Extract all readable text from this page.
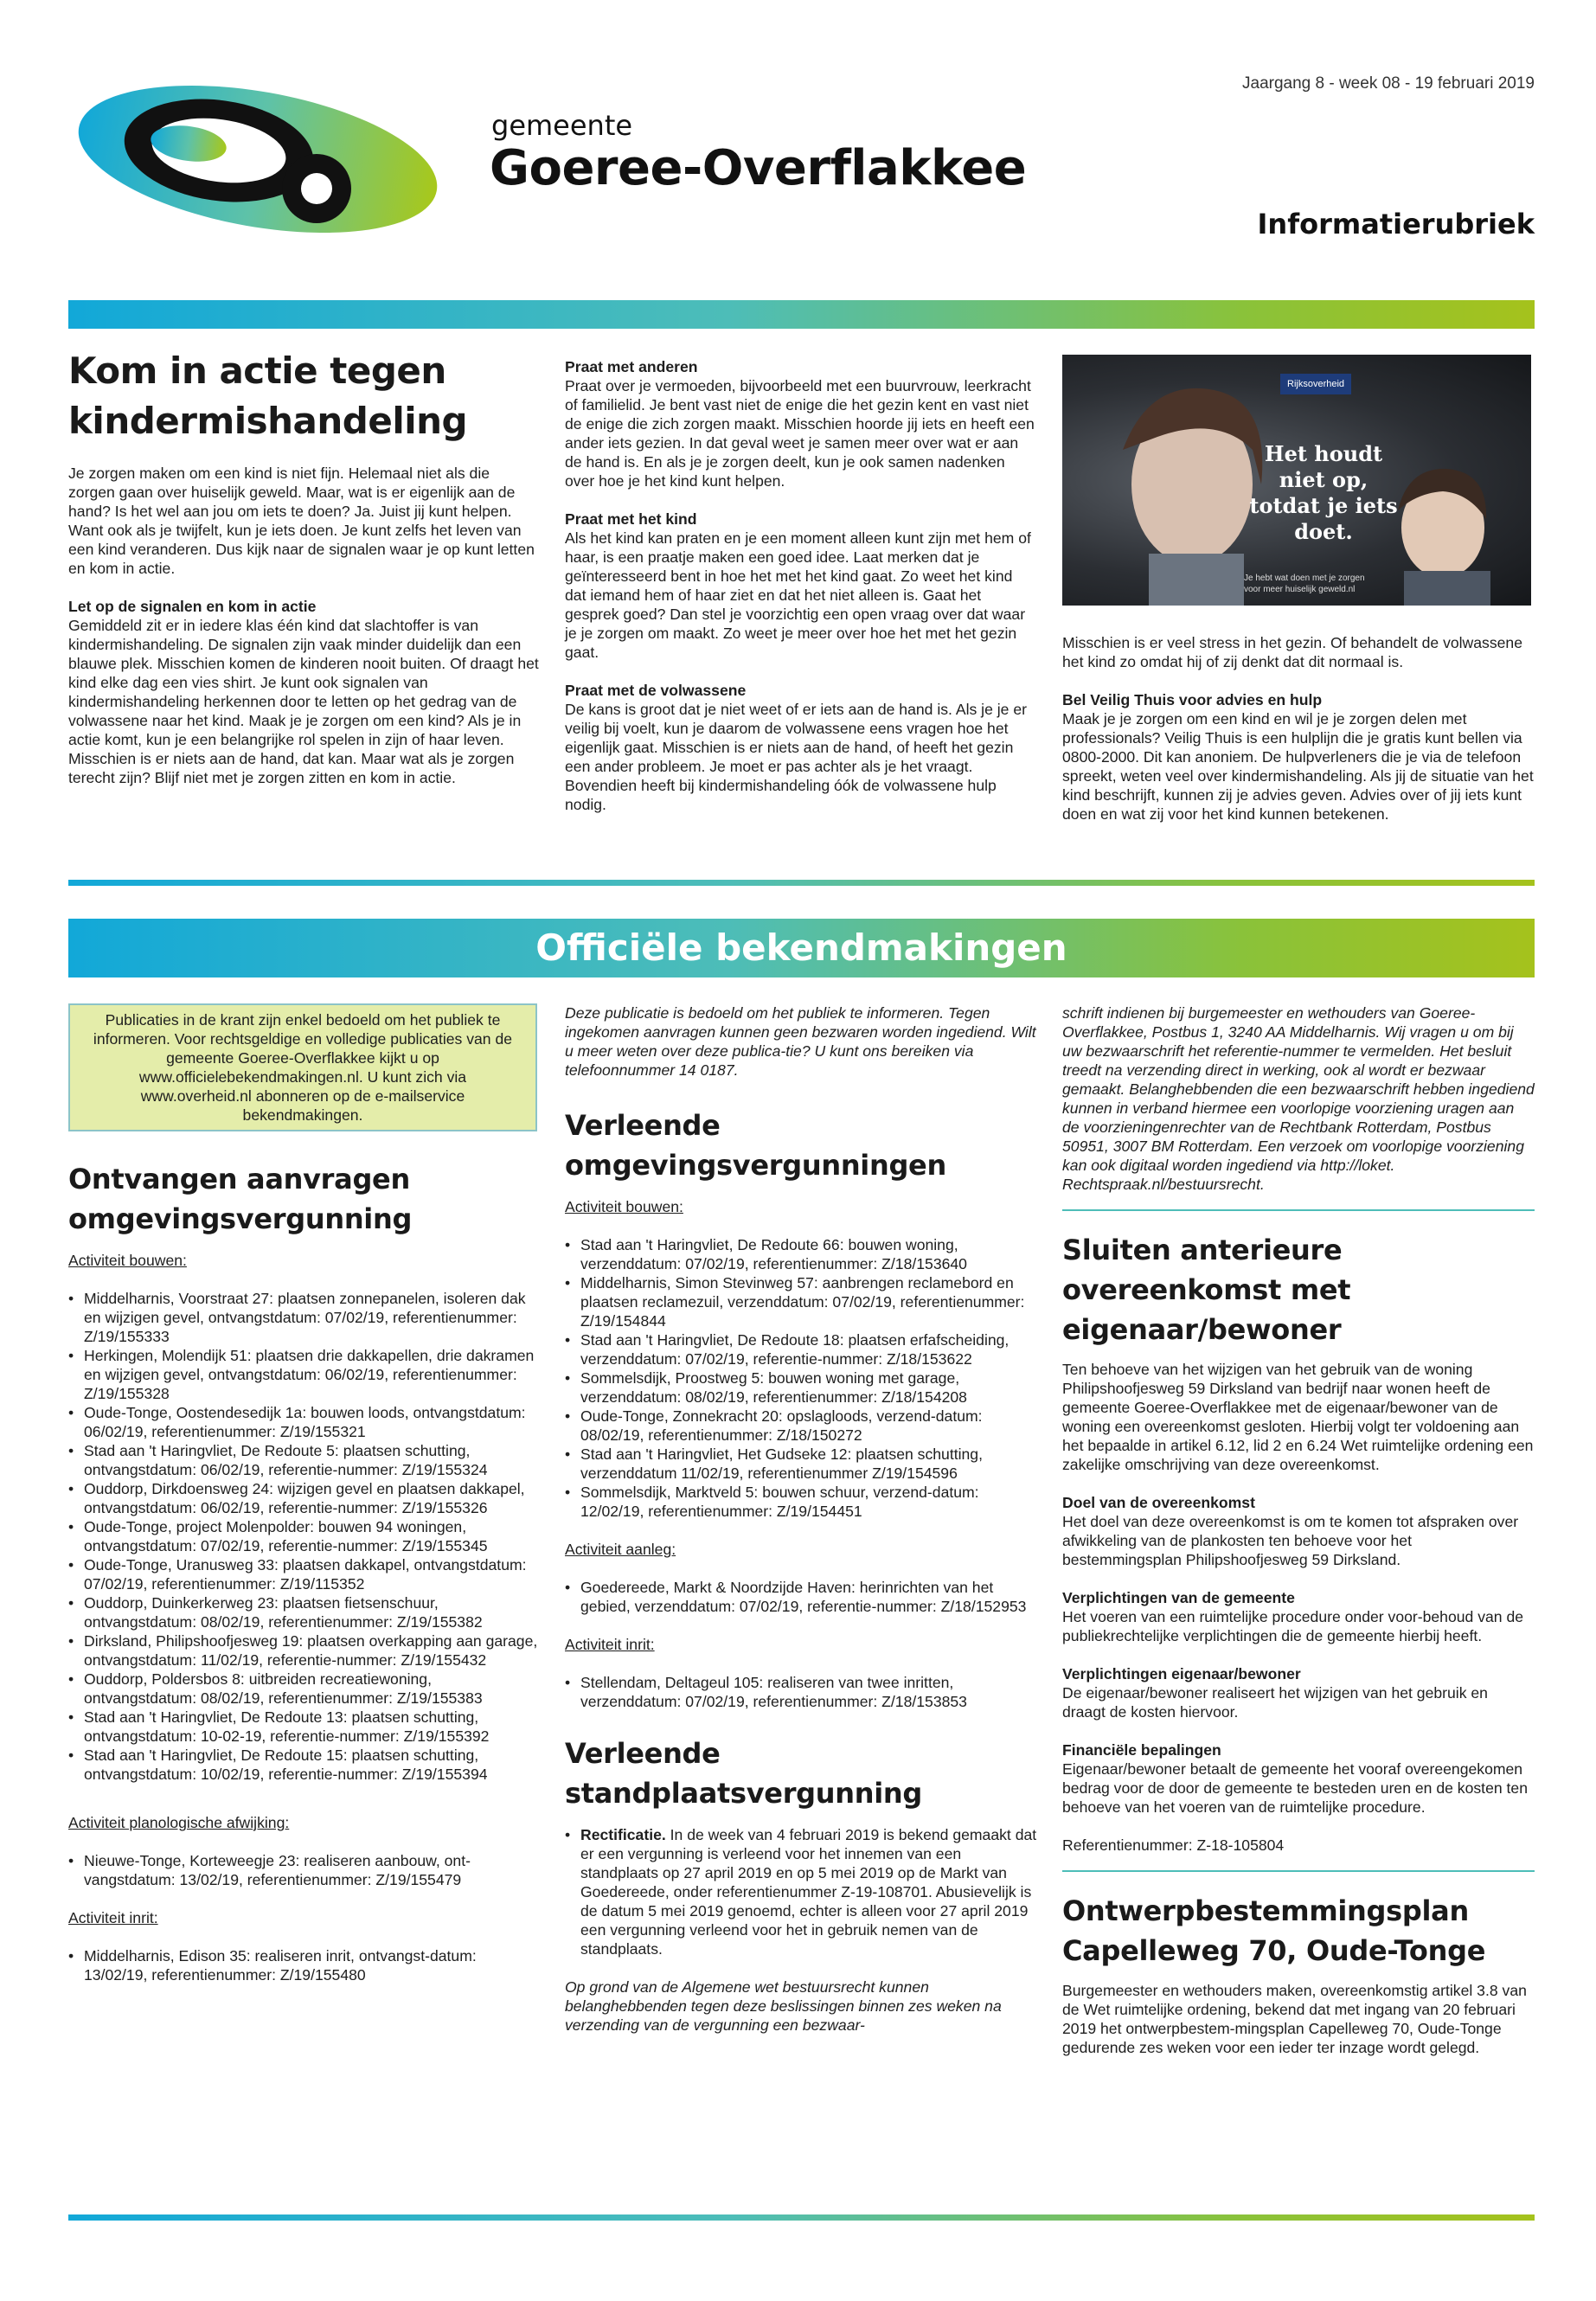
Jaargang 8 - week 08 - 19 februari 2019
gemeente
Goeree-Overflakkee
Informatierubriek
Kom in actie tegen kindermishandeling

Je zorgen maken om een kind is niet fijn. Helemaal niet als die zorgen gaan over huiselijk geweld. Maar, wat is er eigenlijk aan de hand? Is het wel aan jou om iets te doen? Ja. Juist jij kunt helpen. Want ook als je twijfelt, kun je iets doen. Je kunt zelfs het leven van een kind veranderen. Dus kijk naar de signalen waar je op kunt letten en kom in actie.

Let op de signalen en kom in actie

Gemiddeld zit er in iedere klas één kind dat slachtoffer is van kindermishandeling. De signalen zijn vaak minder duidelijk dan een blauwe plek. Misschien komen de kinderen nooit buiten. Of draagt het kind elke dag een vies shirt. Je kunt ook signalen van kindermishandeling herkennen door te letten op het gedrag van de volwassene naar het kind. Maak je je zorgen om een kind? Als je in actie komt, kun je een belangrijke rol spelen in zijn of haar leven. Misschien is er niets aan de hand, dat kan. Maar wat als je zorgen terecht zijn? Blijf niet met je zorgen zitten en kom in actie.

Praat met anderen

Praat over je vermoeden, bijvoorbeeld met een buurvrouw, leerkracht of familielid. Je bent vast niet de enige die het gezin kent en vast niet de enige die zich zorgen maakt. Misschien hoorde jij iets en heeft een ander iets gezien. In dat geval weet je samen meer over wat er aan de hand is. En als je je zorgen deelt, kun je ook samen nadenken over hoe je het kind kunt helpen.

Praat met het kind

Als het kind kan praten en je een moment alleen kunt zijn met hem of haar, is een praatje maken een goed idee. Laat merken dat je geïnteresseerd bent in hoe het met het kind gaat. Zo weet het kind dat iemand hem of haar ziet en dat het niet alleen is. Gaat het gesprek goed? Dan stel je voorzichtig een open vraag over dat waar je je zorgen om maakt. Zo weet je meer over hoe het met het gezin gaat.

Praat met de volwassene

De kans is groot dat je niet weet of er iets aan de hand is. Als je je er veilig bij voelt, kun je daarom de volwassene eens vragen hoe het eigenlijk gaat. Misschien is er niets aan de hand, of heeft het gezin een ander probleem. Je moet er pas achter als je het vraagt. Bovendien heeft bij kindermishandeling óók de volwassene hulp nodig.

Rijksoverheid
Het houdt niet op, totdat je iets doet.
Je hebt wat doen met je zorgen
voor meer huiselijk geweld.nl

Misschien is er veel stress in het gezin. Of behandelt de volwassene het kind zo omdat hij of zij denkt dat dit normaal is.

Bel Veilig Thuis voor advies en hulp

Maak je je zorgen om een kind en wil je je zorgen delen met professionals? Veilig Thuis is een hulplijn die je gratis kunt bellen via 0800-2000. Dit kan anoniem. De hulpverleners die je via de telefoon spreekt, weten veel over kindermishandeling. Als jij de situatie van het kind beschrijft, kunnen zij je advies geven. Advies over of jij iets kunt doen en wat zij voor het kind kunnen betekenen.

Officiële bekendmakingen

Publicaties in de krant zijn enkel bedoeld om het publiek te informeren. Voor rechtsgeldige en volledige publicaties van de gemeente Goeree-Overflakkee kijkt u op www.officielebekendmakingen.nl. U kunt zich via www.overheid.nl abonneren op de e-mailservice bekendmakingen.

Ontvangen aanvragen omgevingsvergunning
Activiteit bouwen:
• Middelharnis, Voorstraat 27: plaatsen zonnepanelen, isoleren dak en wijzigen gevel, ontvangstdatum: 07/02/19, referentienummer: Z/19/155333
• Herkingen, Molendijk 51: plaatsen drie dakkapellen, drie dakramen en wijzigen gevel, ontvangstdatum: 06/02/19, referentienummer: Z/19/155328
• Oude-Tonge, Oostendesedijk 1a: bouwen loods, ontvangstdatum: 06/02/19, referentienummer: Z/19/155321
• Stad aan 't Haringvliet, De Redoute 5: plaatsen schutting, ontvangstdatum: 06/02/19, referentie-nummer: Z/19/155324
• Ouddorp, Dirkdoensweg 24: wijzigen gevel en plaatsen dakkapel, ontvangstdatum: 06/02/19, referentie-nummer: Z/19/155326
• Oude-Tonge, project Molenpolder: bouwen 94 woningen, ontvangstdatum: 07/02/19, referentie-nummer: Z/19/155345
• Oude-Tonge, Uranusweg 33: plaatsen dakkapel, ontvangstdatum: 07/02/19, referentienummer: Z/19/115352
• Ouddorp, Duinkerkerweg 23: plaatsen fietsenschuur, ontvangstdatum: 08/02/19, referentienummer: Z/19/155382
• Dirksland, Philipshoofjesweg 19: plaatsen overkapping aan garage, ontvangstdatum: 11/02/19, referentie-nummer: Z/19/155432
• Ouddorp, Poldersbos 8: uitbreiden recreatiewoning, ontvangstdatum: 08/02/19, referentienummer: Z/19/155383
• Stad aan 't Haringvliet, De Redoute 13: plaatsen schutting, ontvangstdatum: 10-02-19, referentie-nummer: Z/19/155392
• Stad aan 't Haringvliet, De Redoute 15: plaatsen schutting, ontvangstdatum: 10/02/19, referentie-nummer: Z/19/155394
Activiteit planologische afwijking:
• Nieuwe-Tonge, Korteweegje 23: realiseren aanbouw, ont-vangstdatum: 13/02/19, referentienummer: Z/19/155479
Activiteit inrit:
• Middelharnis, Edison 35: realiseren inrit, ontvangst-datum: 13/02/19, referentienummer: Z/19/155480

Deze publicatie is bedoeld om het publiek te informeren. Tegen ingekomen aanvragen kunnen geen bezwaren worden ingediend. Wilt u meer weten over deze publica-tie? U kunt ons bereiken via telefoonnummer 14 0187.

Verleende omgevingsvergunningen
Activiteit bouwen:
• Stad aan 't Haringvliet, De Redoute 66: bouwen woning, verzenddatum: 07/02/19, referentienummer: Z/18/153640
• Middelharnis, Simon Stevinweg 57: aanbrengen reclamebord en plaatsen reclamezuil, verzenddatum: 07/02/19, referentienummer: Z/19/154844
• Stad aan 't Haringvliet, De Redoute 18: plaatsen erfafscheiding, verzenddatum: 07/02/19, referentie-nummer: Z/18/153622
• Sommelsdijk, Proostweg 5: bouwen woning met garage, verzenddatum: 08/02/19, referentienummer: Z/18/154208
• Oude-Tonge, Zonnekracht 20: opslagloods, verzend-datum: 08/02/19, referentienummer: Z/18/150272
• Stad aan 't Haringvliet, Het Gudseke 12: plaatsen schutting, verzenddatum 11/02/19, referentienummer Z/19/154596
• Sommelsdijk, Marktveld 5: bouwen schuur, verzend-datum: 12/02/19, referentienummer: Z/19/154451
Activiteit aanleg:
• Goedereede, Markt & Noordzijde Haven: herinrichten van het gebied, verzenddatum: 07/02/19, referentie-nummer: Z/18/152953
Activiteit inrit:
• Stellendam, Deltageul 105: realiseren van twee inritten, verzenddatum: 07/02/19, referentienummer: Z/18/153853
Verleende standplaatsvergunning
• Rectificatie. In de week van 4 februari 2019 is bekend gemaakt dat er een vergunning is verleend voor het innemen van een standplaats op 27 april 2019 en op 5 mei 2019 op de Markt van Goedereede, onder referentienummer Z-19-108701. Abusievelijk is de datum 5 mei 2019 genoemd, echter is alleen voor 27 april 2019 een vergunning verleend voor het in gebruik nemen van de standplaats.

Op grond van de Algemene wet bestuursrecht kunnen belanghebbenden tegen deze beslissingen binnen zes weken na verzending van de vergunning een bezwaar-

schrift indienen bij burgemeester en wethouders van Goeree-Overflakkee, Postbus 1, 3240 AA Middelharnis. Wij vragen u om bij uw bezwaarschrift het referentie-nummer te vermelden. Het besluit treedt na verzending direct in werking, ook al wordt er bezwaar gemaakt. Belanghebbenden die een bezwaarschrift hebben ingediend kunnen in verband hiermee een voorlopige voorziening uragen aan de voorzieningenrechter van de Rechtbank Rotterdam, Postbus 50951, 3007 BM Rotterdam. Een verzoek om voorlopige voorziening kan ook digitaal worden ingediend via http://loket. Rechtspraak.nl/bestuursrecht.

Sluiten anterieure overeenkomst met eigenaar/bewoner

Ten behoeve van het wijzigen van het gebruik van de woning Philipshoofjesweg 59 Dirksland van bedrijf naar wonen heeft de gemeente Goeree-Overflakkee met de eigenaar/bewoner van de woning een overeenkomst gesloten. Hierbij volgt ter voldoening aan het bepaalde in artikel 6.12, lid 2 en 6.24 Wet ruimtelijke ordening een zakelijke omschrijving van deze overeenkomst.

Doel van de overeenkomst

Het doel van deze overeenkomst is om te komen tot afspraken over afwikkeling van de plankosten ten behoeve voor het bestemmingsplan Philipshoofjesweg 59 Dirksland.

Verplichtingen van de gemeente

Het voeren van een ruimtelijke procedure onder voor-behoud van de publiekrechtelijke verplichtingen die de gemeente hierbij heeft.

Verplichtingen eigenaar/bewoner

De eigenaar/bewoner realiseert het wijzigen van het gebruik en draagt de kosten hiervoor.

Financiële bepalingen

Eigenaar/bewoner betaalt de gemeente het vooraf overeengekomen bedrag voor de door de gemeente te besteden uren en de kosten ten behoeve van het voeren van de ruimtelijke procedure.

Referentienummer: Z-18-105804

Ontwerpbestemmingsplan Capelleweg 70, Oude-Tonge

Burgemeester en wethouders maken, overeenkomstig artikel 3.8 van de Wet ruimtelijke ordening, bekend dat met ingang van 20 februari 2019 het ontwerpbestem-mingsplan Capelleweg 70, Oude-Tonge gedurende zes weken voor een ieder ter inzage wordt gelegd.
